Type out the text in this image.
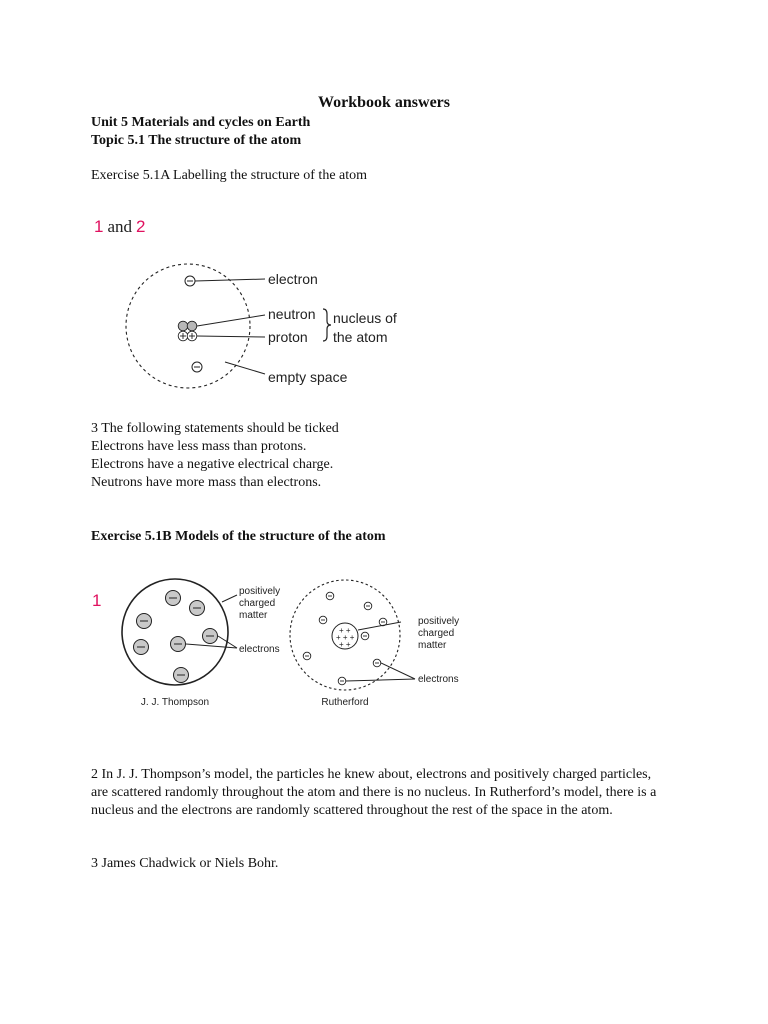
Workbook answers
Unit 5 Materials and cycles on Earth
Topic 5.1 The structure of the atom
Exercise 5.1A Labelling the structure of the atom
1 and 2
electron
neutron
proton
nucleus of
the atom
empty space
3 The following statements should be ticked
Electrons have less mass than protons.
Electrons have a negative electrical charge.
Neutrons have more mass than electrons.
Exercise 5.1B Models of the structure of the atom
1	positively
charged
matter
electrons
J. J. Thompson
+ +
+ + +
+ +
positively
charged
matter
electrons
Rutherford
2 In J. J. Thompson’s model, the particles he knew about, electrons and positively charged particles, are scattered randomly throughout the atom and there is no nucleus. In Rutherford’s model, there is a nucleus and the electrons are randomly scattered throughout the rest of the space in the atom.
3 James Chadwick or Niels Bohr.
